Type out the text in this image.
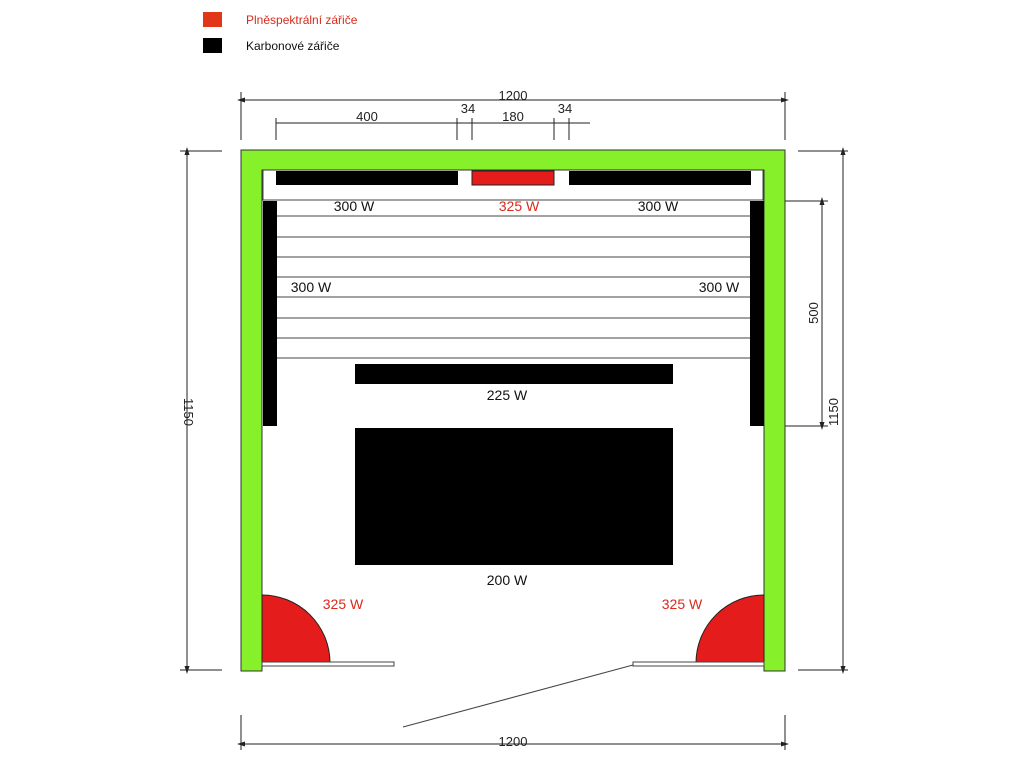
Plněspektrální zářiče
Karbonové zářiče
1200
400
34
180
34
1150	1150
500
1200
300 W	325 W	300 W
300 W	300 W
225 W
200 W
325 W	325 W
